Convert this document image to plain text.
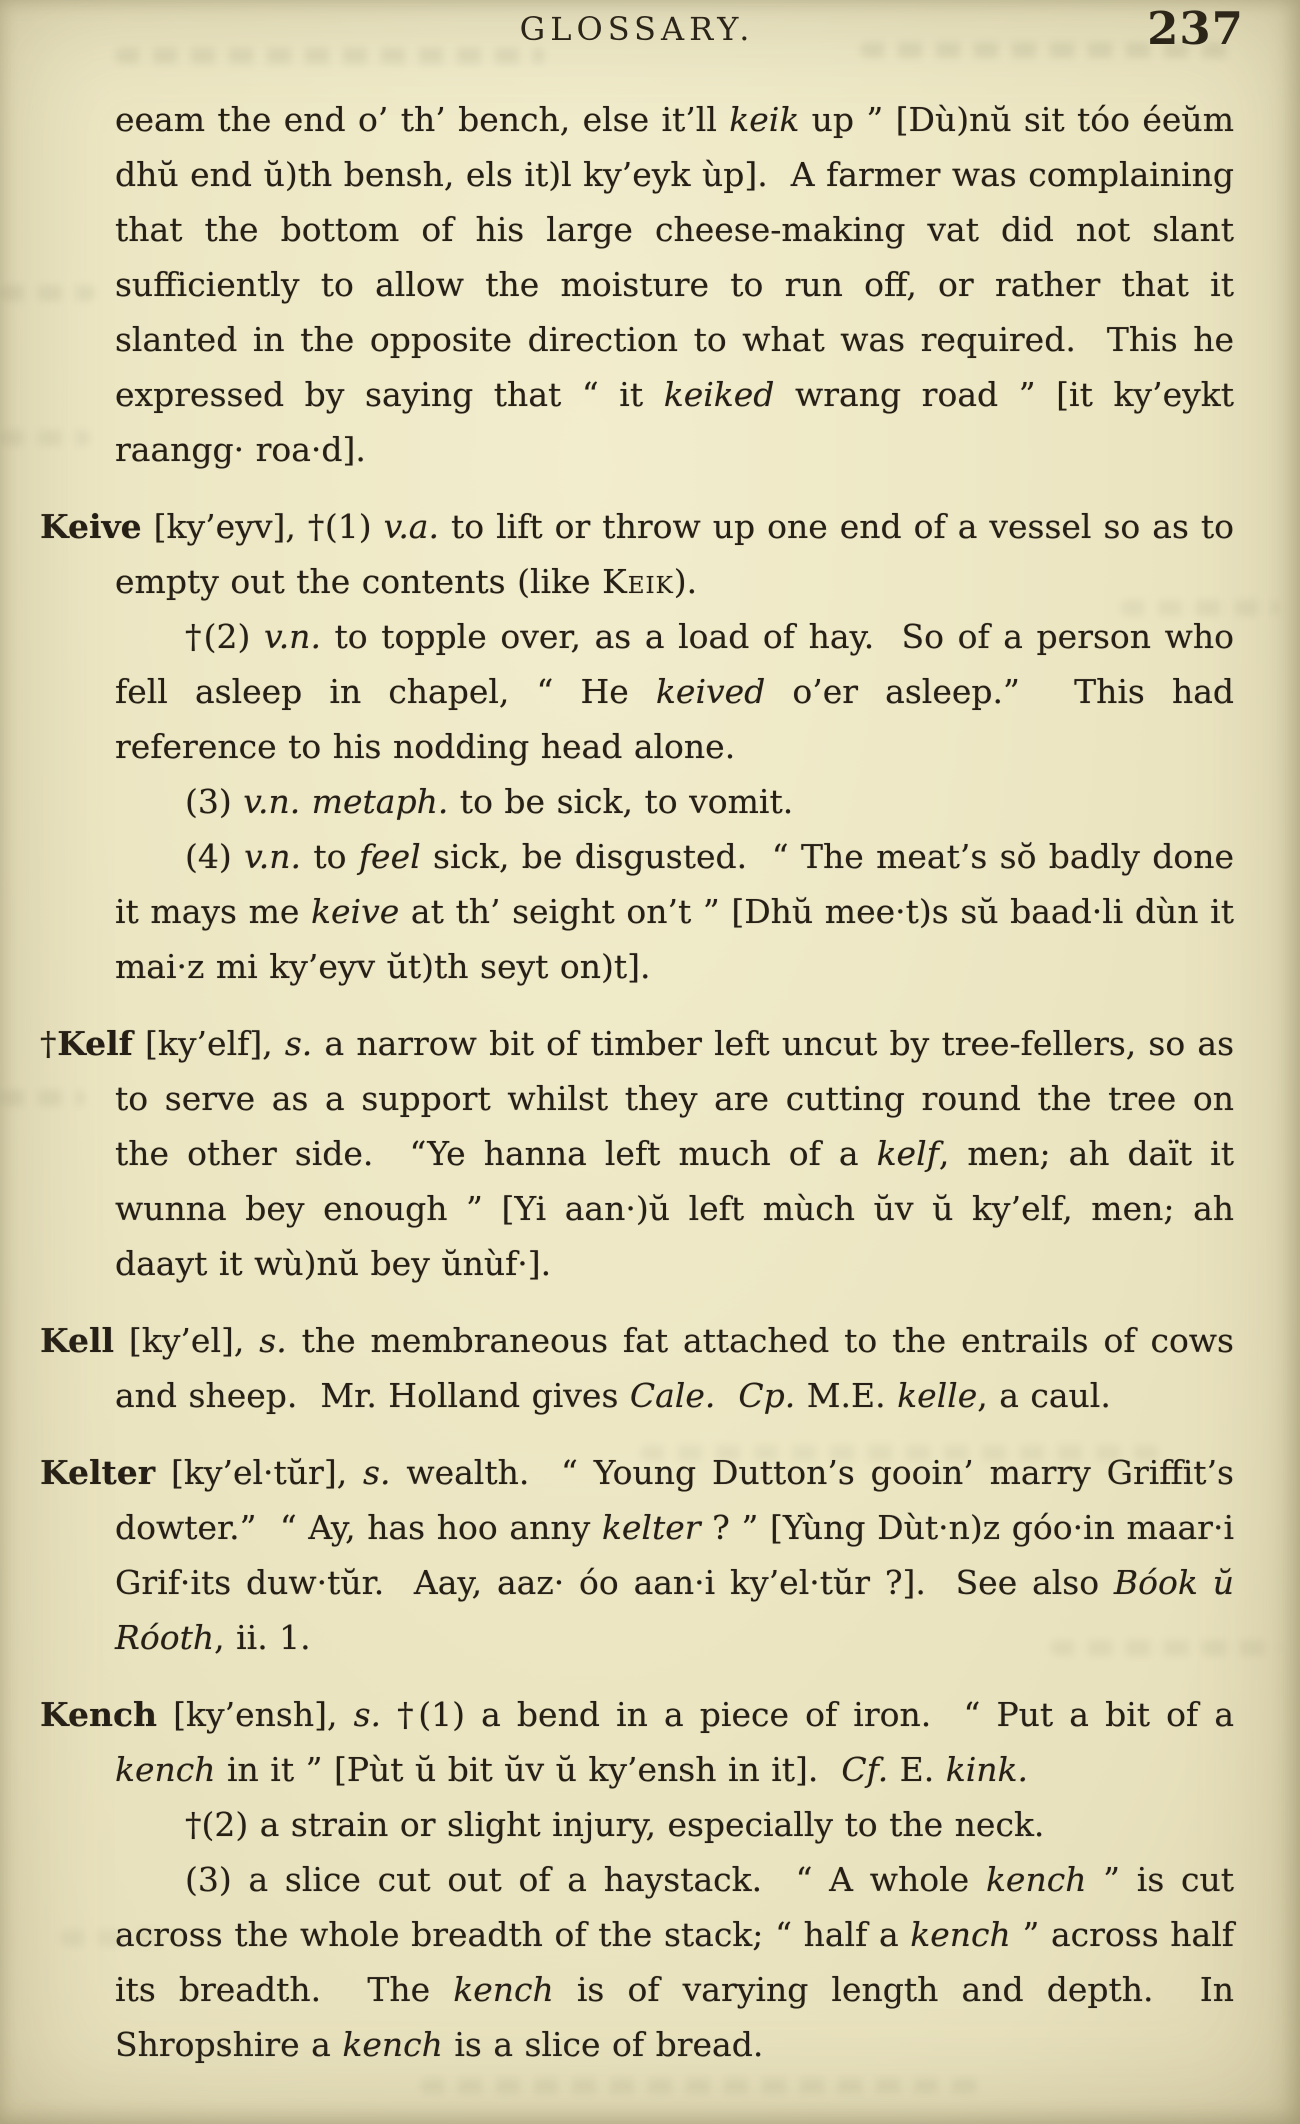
GLOSSARY.	237

eeam the end o’ th’ bench, else it’ll keik up ” [Dù)nŭ sit tóo éeŭm dhŭ end ŭ)th bensh, els it)l ky’eyk ùp].  A farmer was complaining that the bottom of his large cheese-making vat did not slant sufficiently to allow the moisture to run off, or rather that it slanted in the opposite direction to what was required.  This he expressed by saying that “ it keiked wrang road ” [it ky’eykt raangg· roa·d].

Keive [ky’eyv], †(1) v.a. to lift or throw up one end of a vessel so as to empty out the contents (like Keik).

†(2) v.n. to topple over, as a load of hay.  So of a person who fell asleep in chapel, “ He keived o’er asleep.”  This had reference to his nodding head alone.

(3) v.n. metaph. to be sick, to vomit.

(4) v.n. to feel sick, be disgusted.  “ The meat’s sŏ badly done it mays me keive at th’ seight on’t ” [Dhŭ mee·t)s sŭ baad·li dùn it mai·z mi ky’eyv ŭt)th seyt on)t].

†Kelf [ky’elf], s. a narrow bit of timber left uncut by tree-fellers, so as to serve as a support whilst they are cutting round the tree on the other side.  “Ye hanna left much of a kelf, men; ah daït it wunna bey enough ” [Yi aan·)ŭ left mùch ŭv ŭ ky’elf, men; ah daayt it wù)nŭ bey ŭnùf·].

Kell [ky’el], s. the membraneous fat attached to the entrails of cows and sheep.  Mr. Holland gives Cale. Cp. M.E. kelle, a caul.

Kelter [ky’el·tŭr], s. wealth.  “ Young Dutton’s gooin’ marry Griffit’s dowter.”  “ Ay, has hoo anny kelter ? ” [Yùng Dùt·n)z góo·in maar·i Grif·its duw·tŭr.  Aay, aaz· óo aan·i ky’el·tŭr ?].  See also Bóok ŭ Róoth, ii. 1.

Kench [ky’ensh], s. †(1) a bend in a piece of iron.  “ Put a bit of a kench in it ” [Pùt ŭ bit ŭv ŭ ky’ensh in it].  Cf. E. kink.

†(2) a strain or slight injury, especially to the neck.

(3) a slice cut out of a haystack.  “ A whole kench ” is cut across the whole breadth of the stack; “ half a kench ” across half its breadth.  The kench is of varying length and depth.  In Shropshire a kench is a slice of bread.
